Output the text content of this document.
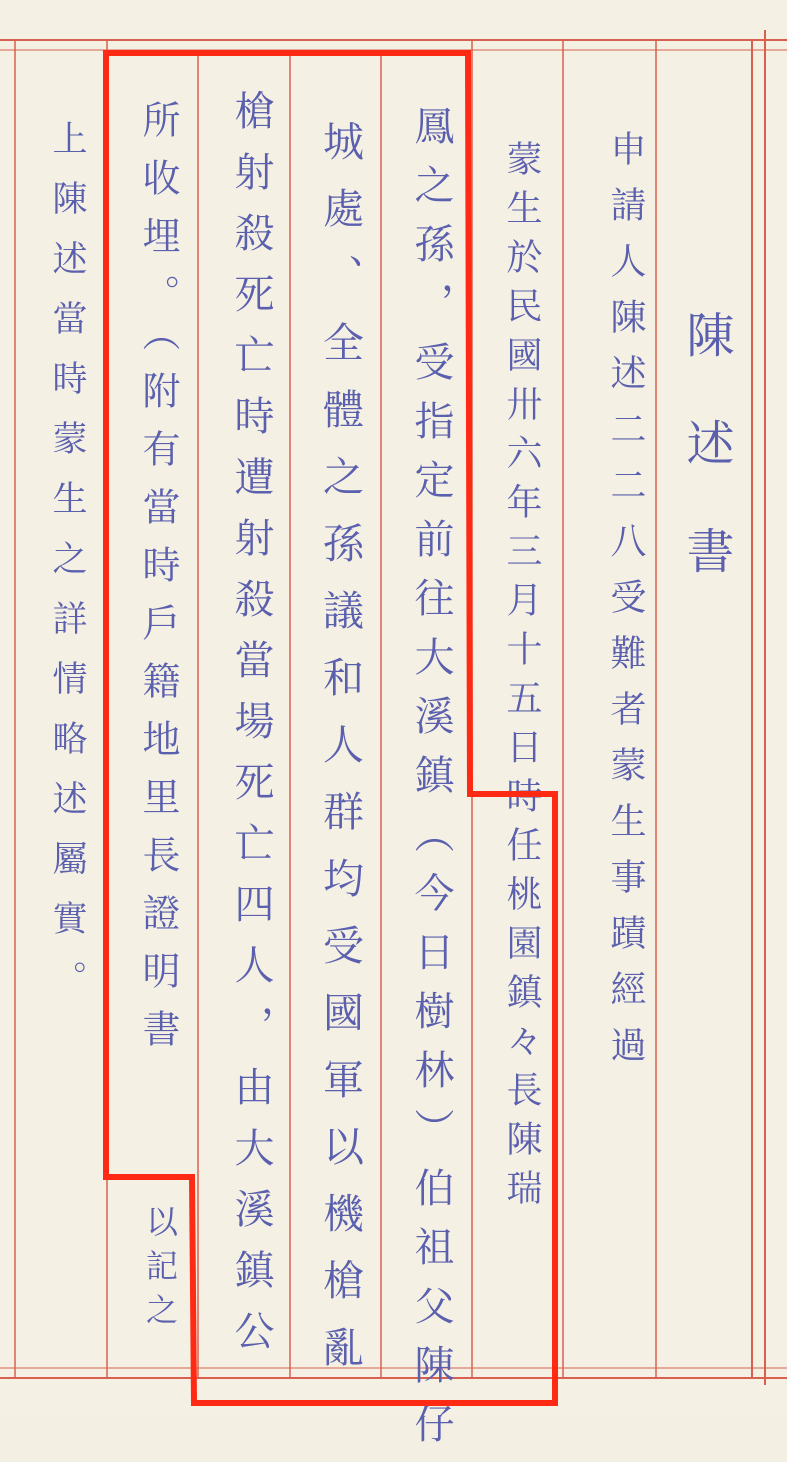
陳述書
申請人陳述二二八受難者蒙生事蹟經過
蒙生於民國卅六年三月十五日時任桃園鎮々長陳瑞
鳳之孫，受指定前往大溪鎮（今日樹林）伯祖父陳仔
城處、全體之孫議和人群均受國軍以機槍亂
槍射殺死亡時遭射殺當場死亡四人，由大溪鎮公
所收埋。（附有當時戶籍地里長證明書
以記之
上陳述當時蒙生之詳情略述屬實。
